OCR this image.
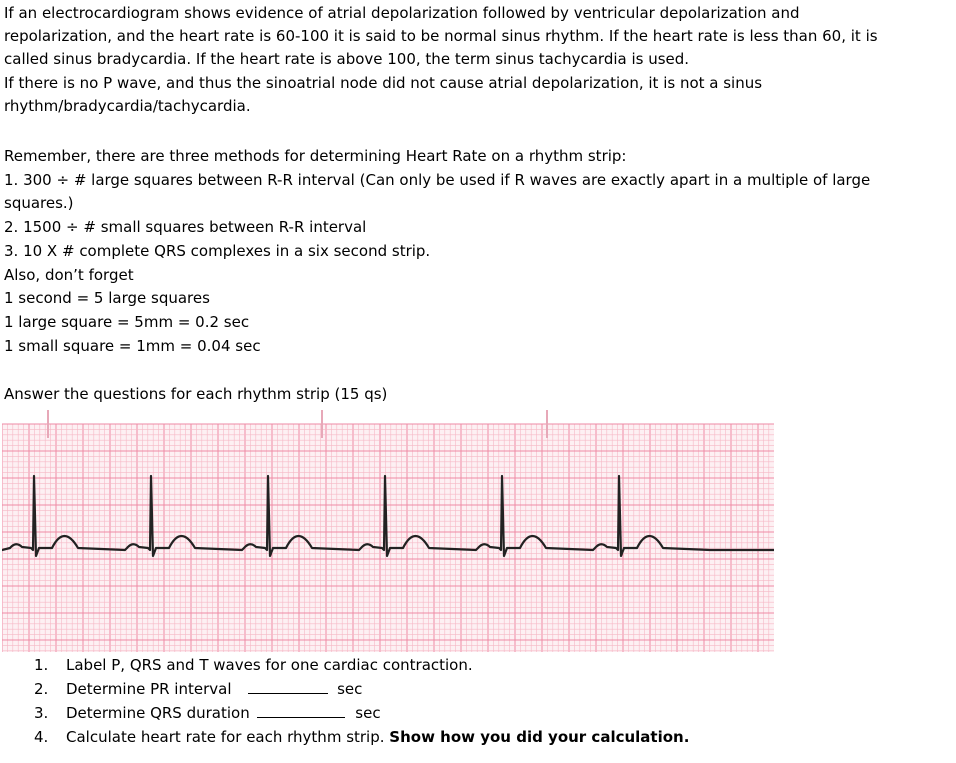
If an electrocardiogram shows evidence of atrial depolarization followed by ventricular depolarization and
repolarization, and the heart rate is 60-100 it is said to be normal sinus rhythm. If the heart rate is less than 60, it is
called sinus bradycardia. If the heart rate is above 100, the term sinus tachycardia is used.
If there is no P wave, and thus the sinoatrial node did not cause atrial depolarization, it is not a sinus
rhythm/bradycardia/tachycardia.
Remember, there are three methods for determining Heart Rate on a rhythm strip:
1. 300 ÷ # large squares between R-R interval (Can only be used if R waves are exactly apart in a multiple of large
squares.)
2. 1500 ÷ # small squares between R-R interval
3. 10 X # complete QRS complexes in a six second strip.
Also, don’t forget
1 second = 5 large squares
1 large square = 5mm = 0.2 sec
1 small square = 1mm = 0.04 sec
Answer the questions for each rhythm strip (15 qs)
1. Label P, QRS and T waves for one cardiac contraction.
2. Determine PR interval	sec
3. Determine QRS duration	sec
4. Calculate heart rate for each rhythm strip. Show how you did your calculation.
